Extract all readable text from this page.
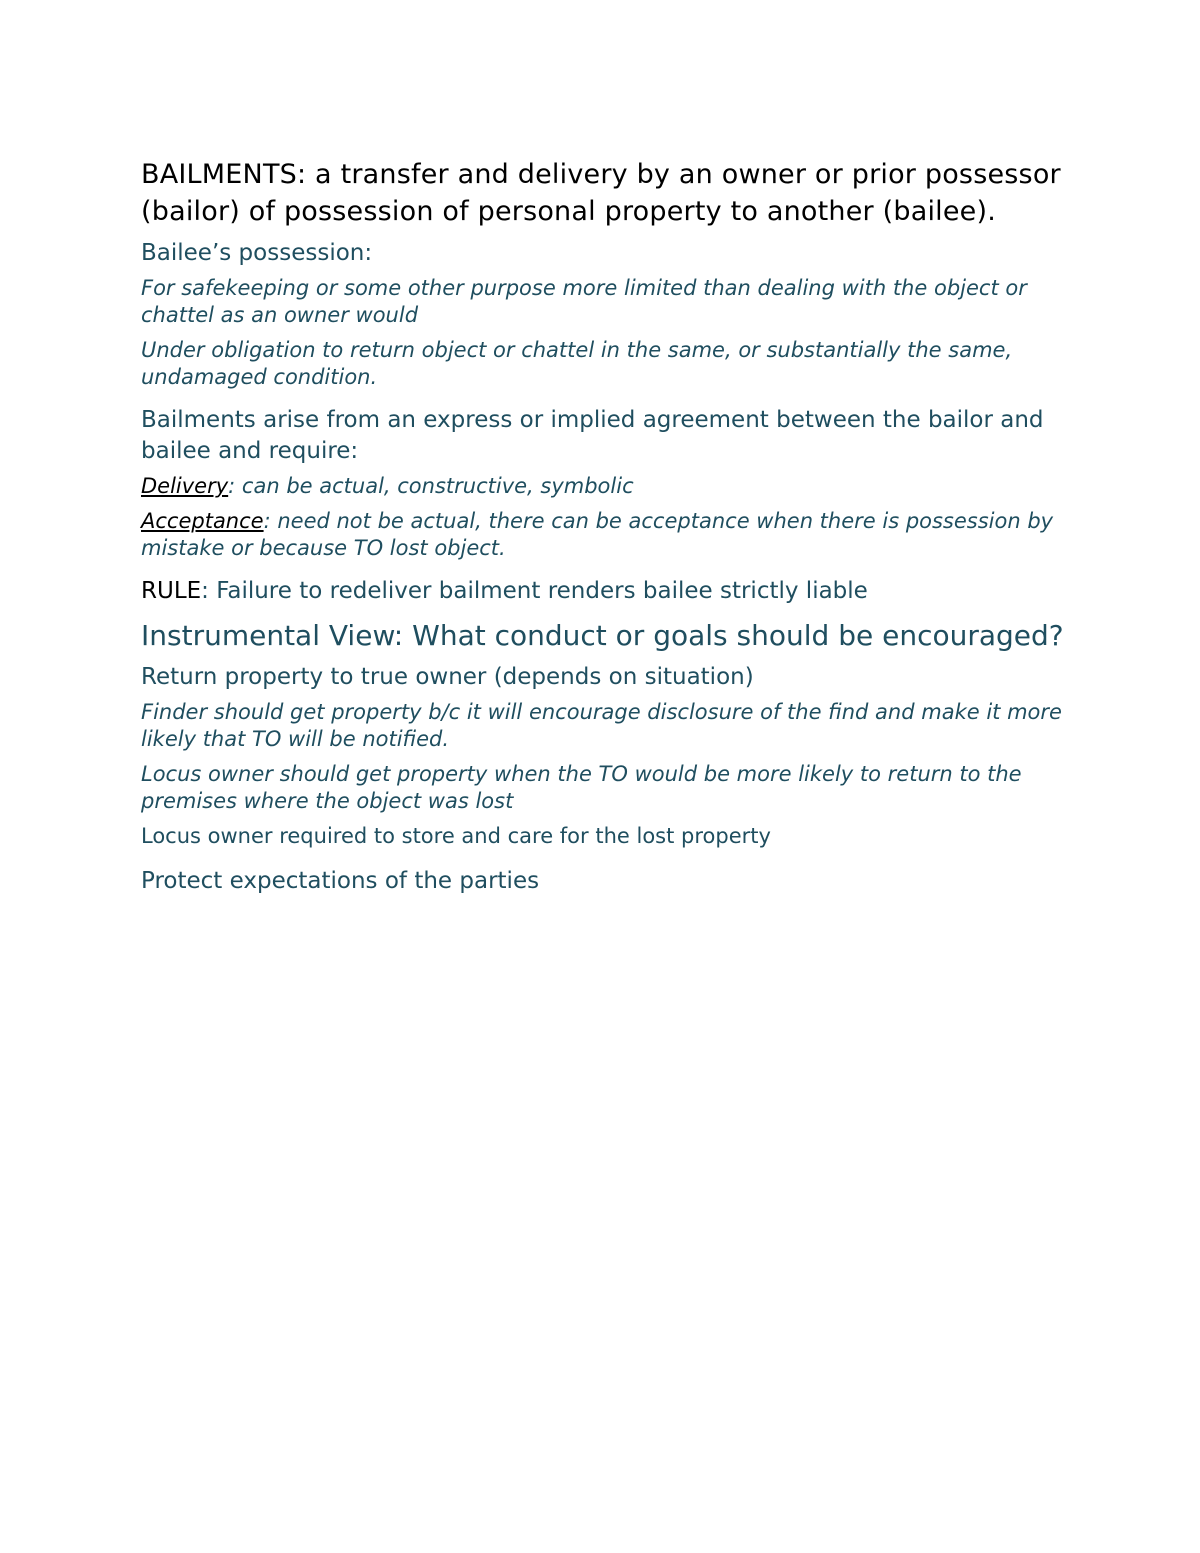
BAILMENTS: a transfer and delivery by an owner or prior possessor (bailor) of possession of personal property to another (bailee).
Bailee’s possession:
For safekeeping or some other purpose more limited than dealing with the object or chattel as an owner would
Under obligation to return object or chattel in the same, or substantially the same, undamaged condition.
Bailments arise from an express or implied agreement between the bailor and bailee and require:
Delivery: can be actual, constructive, symbolic
Acceptance: need not be actual, there can be acceptance when there is possession by mistake or because TO lost object.
RULE: Failure to redeliver bailment renders bailee strictly liable
Instrumental View: What conduct or goals should be encouraged?
Return property to true owner (depends on situation)
Finder should get property b/c it will encourage disclosure of the find and make it more likely that TO will be notified.
Locus owner should get property when the TO would be more likely to return to the premises where the object was lost
Locus owner required to store and care for the lost property
Protect expectations of the parties
